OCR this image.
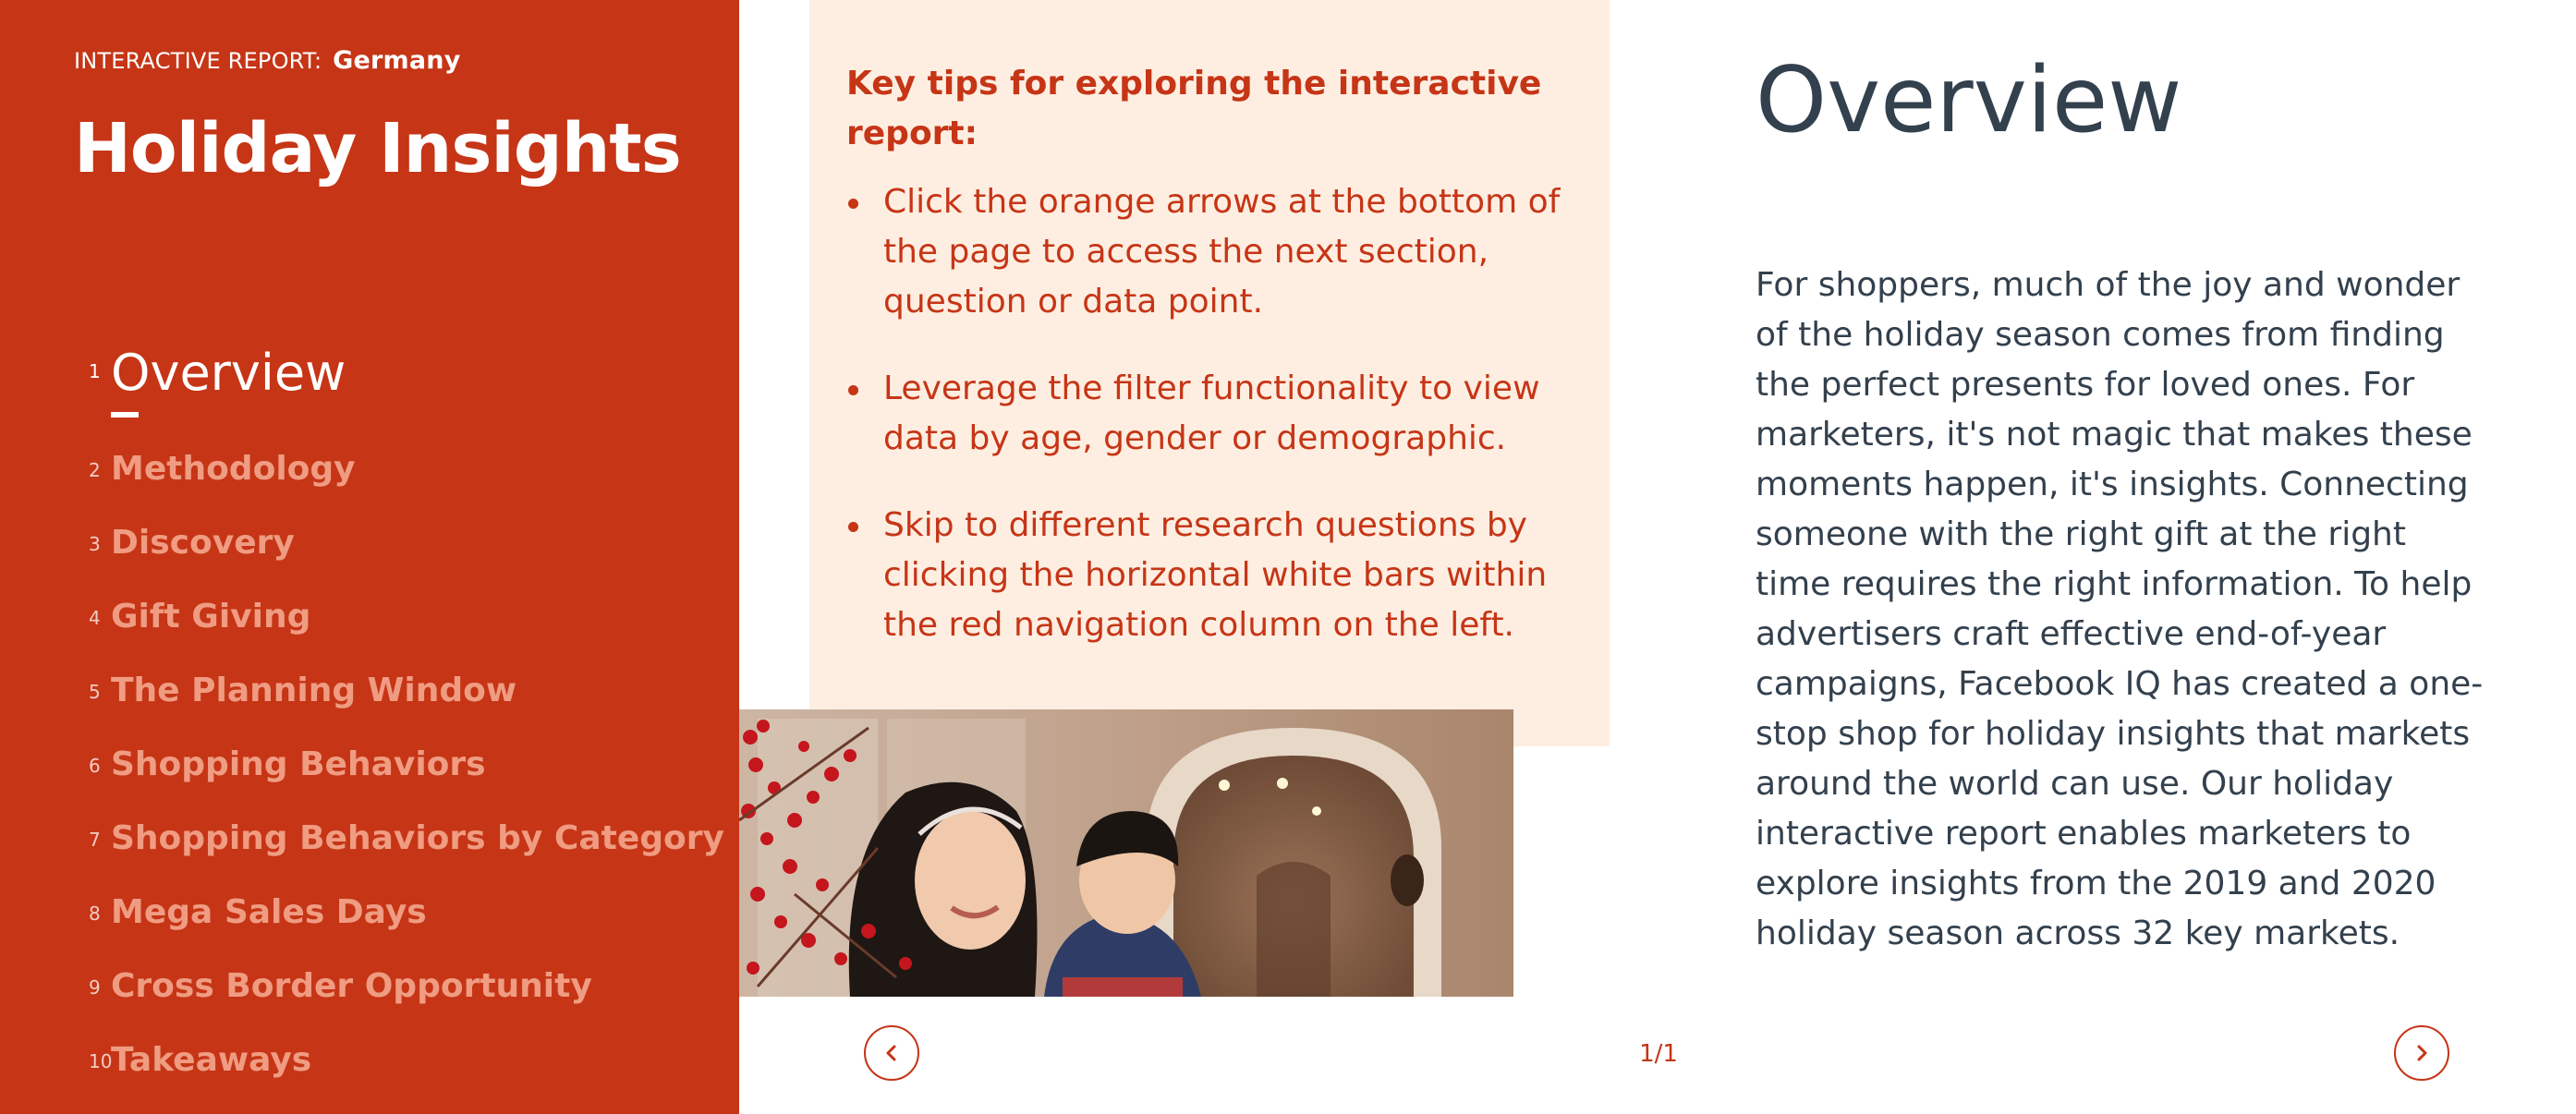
INTERACTIVE REPORT: Germany
Holiday Insights
1 Overview
2 Methodology
3 Discovery
4 Gift Giving
5 The Planning Window
6 Shopping Behaviors
7 Shopping Behaviors by Category
8 Mega Sales Days
9 Cross Border Opportunity
10
Takeaways
Key tips for exploring the interactive report:
Click the orange arrows at the bottom of the page to access the next section, question or data point.
Leverage the filter functionality to view data by age, gender or demographic.
Skip to different research questions by clicking the horizontal white bars within the red navigation column on the left.
Overview

For shoppers, much of the joy and wonder of the holiday season comes from finding the perfect presents for loved ones. For marketers, it's not magic that makes these moments happen, it's insights. Connecting someone with the right gift at the right time requires the right information. To help advertisers craft effective end-of-year campaigns, Facebook IQ has created a one-stop shop for holiday insights that markets around the world can use. Our holiday interactive report enables marketers to explore insights from the 2019 and 2020 holiday season across 32 key markets.

1/1
